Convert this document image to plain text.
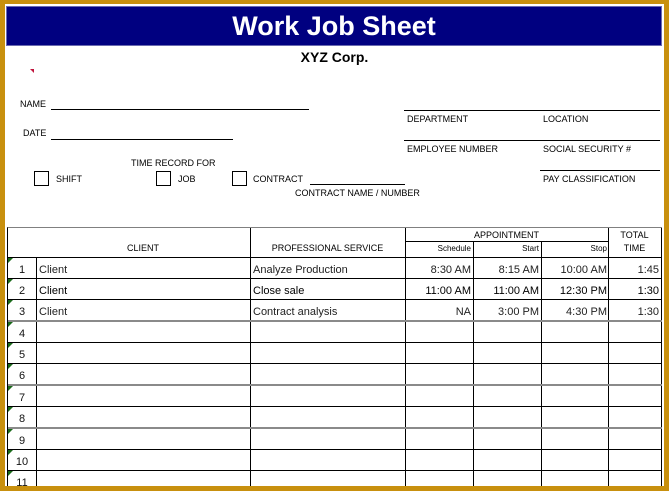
Work Job Sheet
XYZ Corp.
NAME
DATE
TIME RECORD FOR
SHIFT	JOB	CONTRACT
CONTRACT NAME / NUMBER
DEPARTMENT	LOCATION
EMPLOYEE NUMBER	SOCIAL SECURITY #
PAY CLASSIFICATION
CLIENT	PROFESSIONAL SERVICE
APPOINTMENT
Schedule	Start	Stop
TOTAL
TIME
1	Client	Analyze Production	8:30 AM	8:15 AM	10:00 AM	1:45
2	Client	Close sale	11:00 AM	11:00 AM	12:30 PM	1:30
3	Client	Contract analysis	NA	3:00 PM	4:30 PM	1:30
4
5
6
7
8
9
10
11
